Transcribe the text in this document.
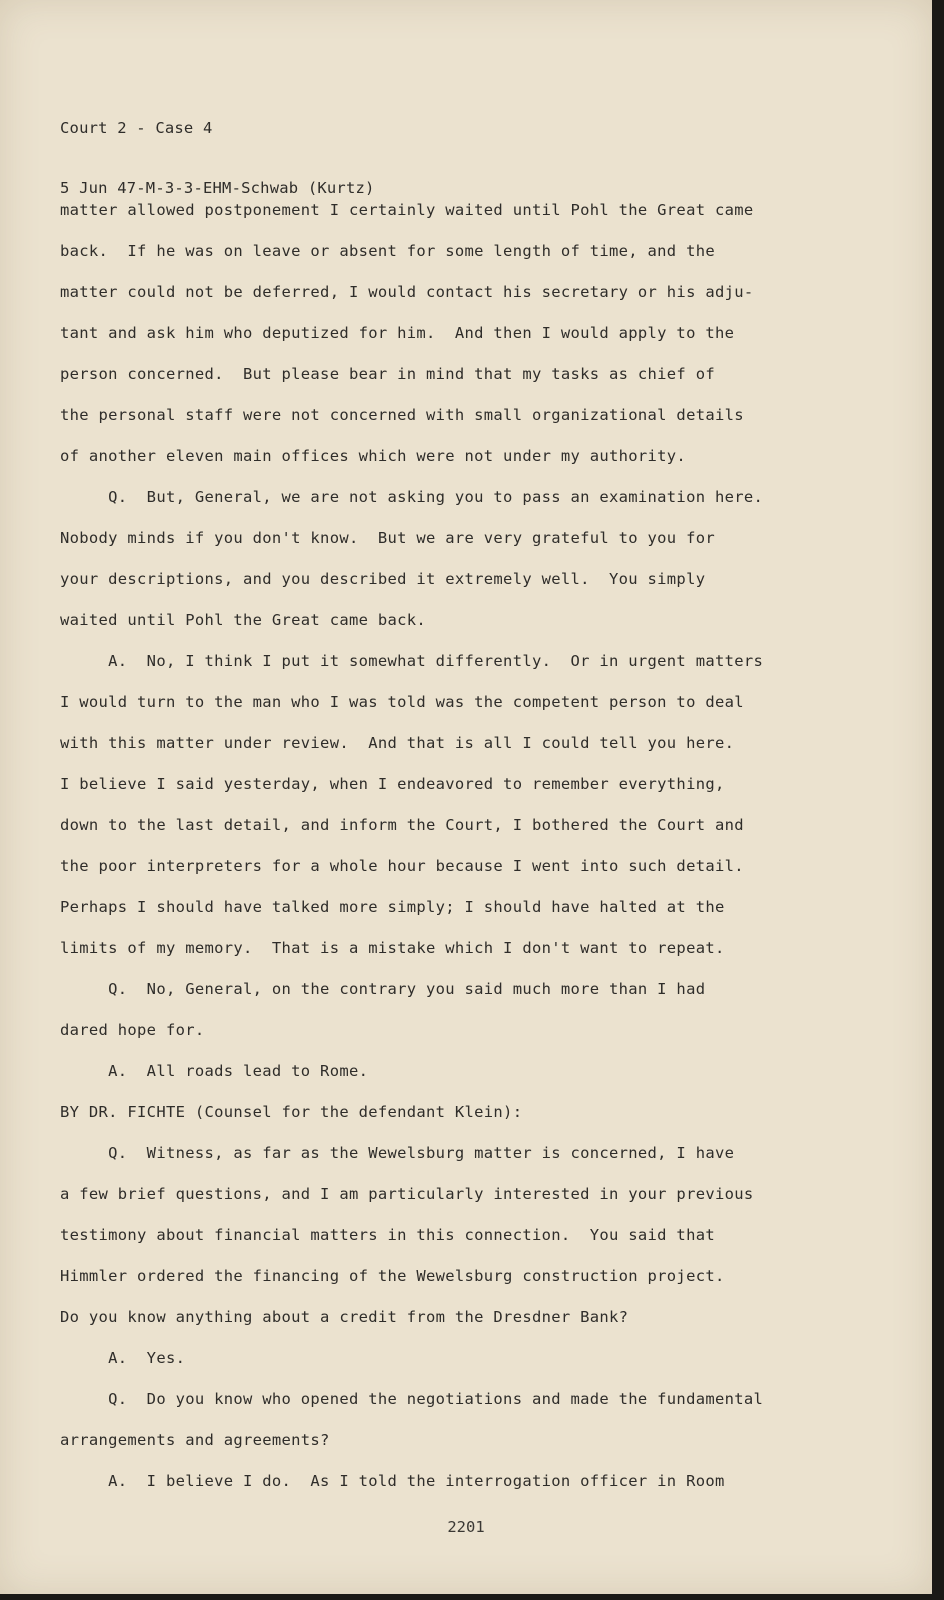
Court 2 - Case 4

5 Jun 47-M-3-3-EHM-Schwab (Kurtz)

matter allowed postponement I certainly waited until Pohl the Great came
back.  If he was on leave or absent for some length of time, and the
matter could not be deferred, I would contact his secretary or his adju-
tant and ask him who deputized for him.  And then I would apply to the
person concerned.  But please bear in mind that my tasks as chief of
the personal staff were not concerned with small organizational details
of another eleven main offices which were not under my authority.
Q.  But, General, we are not asking you to pass an examination here.
Nobody minds if you don't know.  But we are very grateful to you for
your descriptions, and you described it extremely well.  You simply
waited until Pohl the Great came back.
A.  No, I think I put it somewhat differently.  Or in urgent matters
I would turn to the man who I was told was the competent person to deal
with this matter under review.  And that is all I could tell you here.
I believe I said yesterday, when I endeavored to remember everything,
down to the last detail, and inform the Court, I bothered the Court and
the poor interpreters for a whole hour because I went into such detail.
Perhaps I should have talked more simply; I should have halted at the
limits of my memory.  That is a mistake which I don't want to repeat.
Q.  No, General, on the contrary you said much more than I had
dared hope for.
A.  All roads lead to Rome.
BY DR. FICHTE (Counsel for the defendant Klein):
Q.  Witness, as far as the Wewelsburg matter is concerned, I have
a few brief questions, and I am particularly interested in your previous
testimony about financial matters in this connection.  You said that
Himmler ordered the financing of the Wewelsburg construction project.
Do you know anything about a credit from the Dresdner Bank?
A.  Yes.
Q.  Do you know who opened the negotiations and made the fundamental
arrangements and agreements?
A.  I believe I do.  As I told the interrogation officer in Room
2201
